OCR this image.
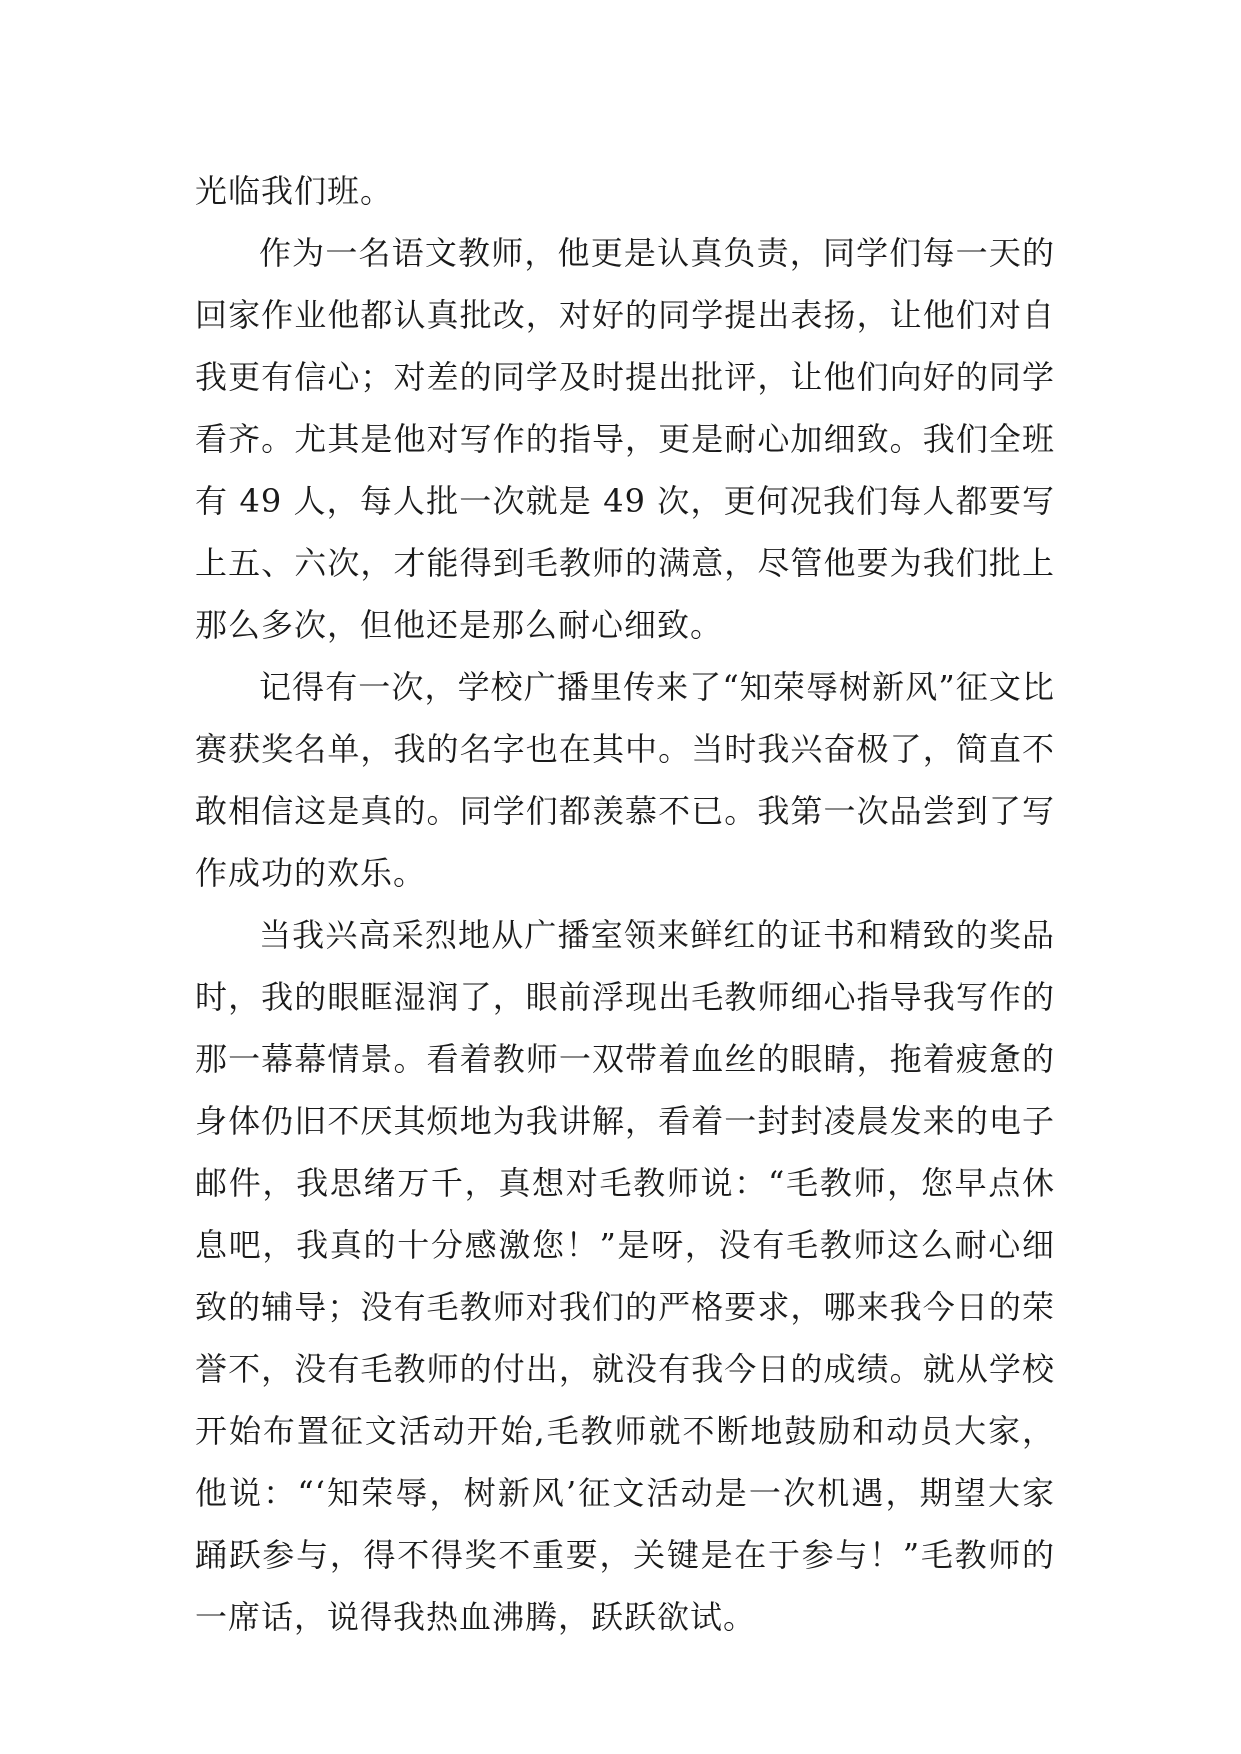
光临我们班。

作为一名语文教师，他更是认真负责，同学们每一天的回家作业他都认真批改，对好的同学提出表扬，让他们对自我更有信心；对差的同学及时提出批评，让他们向好的同学看齐。尤其是他对写作的指导，更是耐心加细致。我们全班有 49 人，每人批一次就是 49 次，更何况我们每人都要写上五、六次，才能得到毛教师的满意，尽管他要为我们批上那么多次，但他还是那么耐心细致。

记得有一次，学校广播里传来了“知荣辱树新风”征文比赛获奖名单，我的名字也在其中。当时我兴奋极了，简直不敢相信这是真的。同学们都羡慕不已。我第一次品尝到了写作成功的欢乐。

当我兴高采烈地从广播室领来鲜红的证书和精致的奖品时，我的眼眶湿润了，眼前浮现出毛教师细心指导我写作的那一幕幕情景。看着教师一双带着血丝的眼睛，拖着疲惫的身体仍旧不厌其烦地为我讲解，看着一封封凌晨发来的电子邮件，我思绪万千，真想对毛教师说：“毛教师，您早点休息吧，我真的十分感激您！”是呀，没有毛教师这么耐心细致的辅导；没有毛教师对我们的严格要求，哪来我今日的荣誉不，没有毛教师的付出，就没有我今日的成绩。就从学校开始布置征文活动开始,毛教师就不断地鼓励和动员大家，他说：“‘知荣辱，树新风’征文活动是一次机遇，期望大家踊跃参与，得不得奖不重要，关键是在于参与！”毛教师的一席话，说得我热血沸腾，跃跃欲试。
